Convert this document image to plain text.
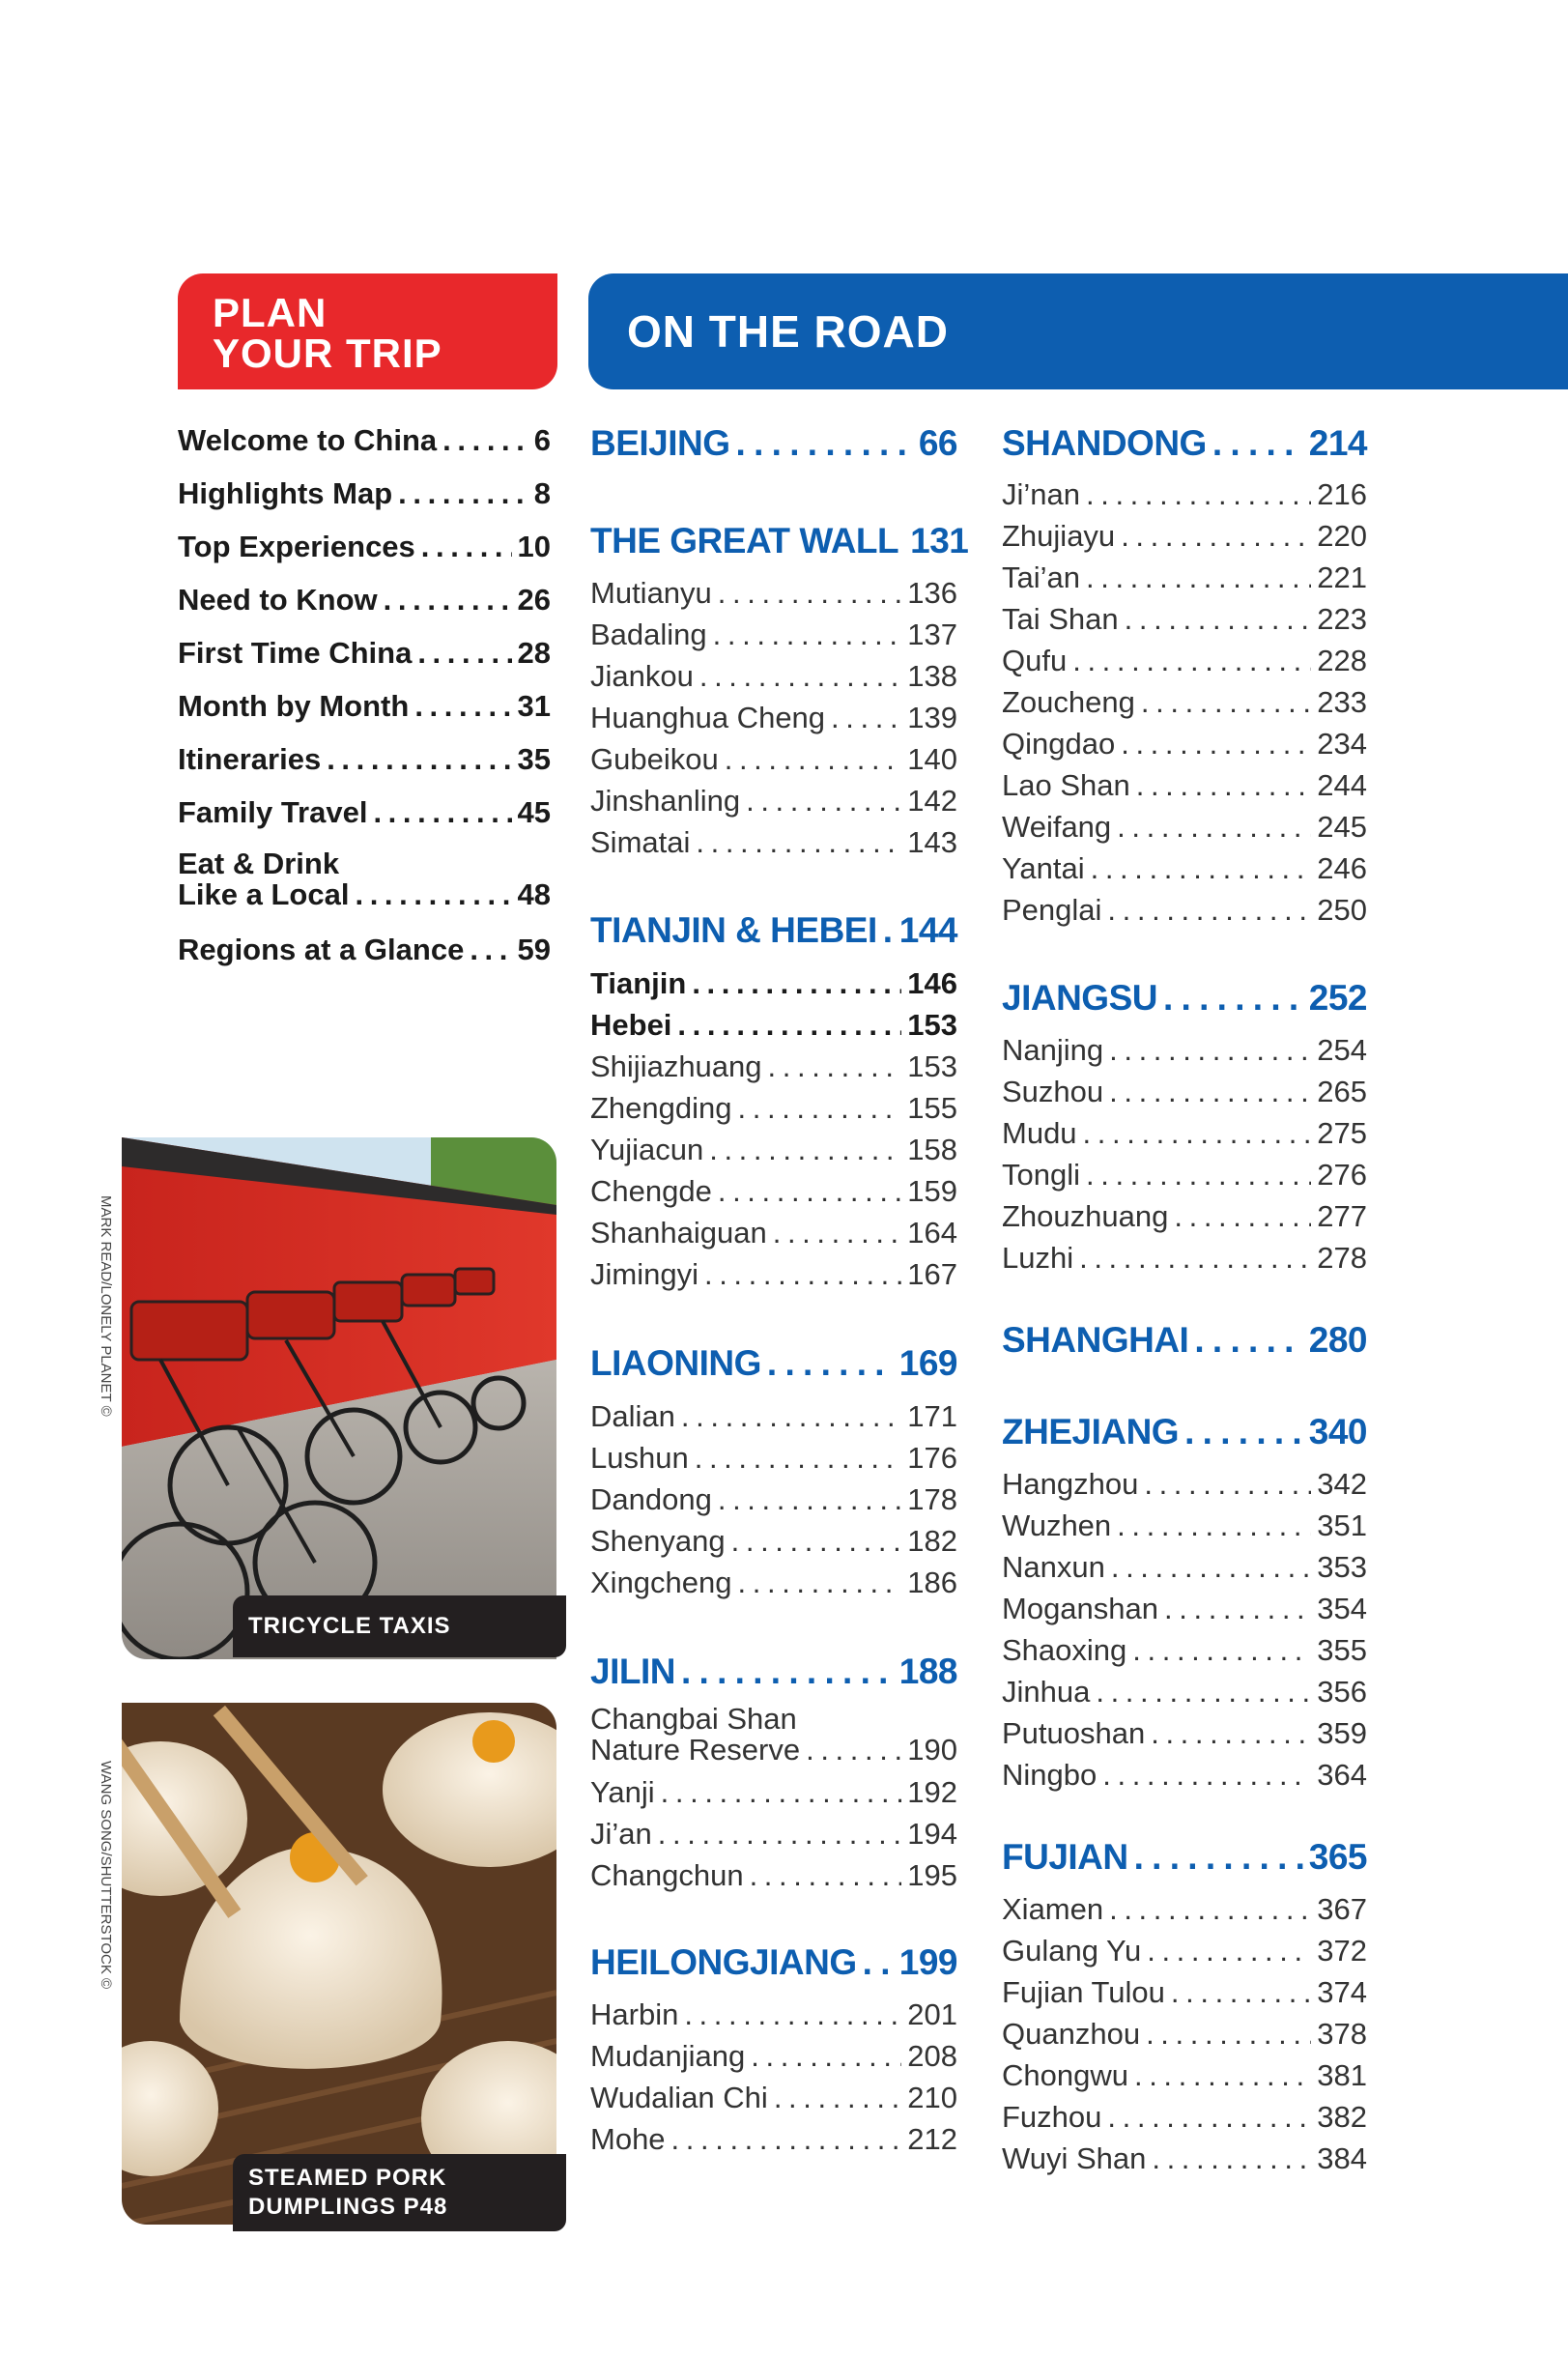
PLAN
YOUR TRIP	ON THE ROAD
Welcome to China . . .	6
Highlights Map . . .	8
Top Experiences . . .	10
Need to Know . . .	26
First Time China . . .	28
Month by Month . . .	31
Itineraries . . .	35
Family Travel . . .	45
Eat & Drink
Like a Local . . .	48
Regions at a Glance . . . 59
BEIJING . . .	66
THE GREAT WALL 131
Mutianyu . . .	136
Badaling . . .	137
Jiankou . . .	138
Huanghua Cheng . . .	139
Gubeikou . . .	140
Jinshanling . . .	142
Simatai . . .	143
TIANJIN & HEBEI . . . 144
Tianjin . . .	146
Hebei . . .	153
Shijiazhuang . . .	153
Zhengding . . .	155
Yujiacun . . .	158
Chengde . . .	159
Shanhaiguan . . .	164
Jimingyi . . .	167
LIAONING . . .	169
Dalian . . .	171
Lushun . . .	176
Dandong . . .	178
Shenyang . . .	182
Xingcheng . . .	186
JILIN . . .	188
Changbai Shan
Nature Reserve . . .	190
Yanji . . .	192
Ji’an . . .	194
Changchun . . .	195
HEILONGJIANG . . . 199
Harbin . . .	201
Mudanjiang . . .	208
Wudalian Chi . . .	210
Mohe . . .	212
SHANDONG . . .	214
Ji’nan . . .	216
Zhujiayu . . .	220
Tai’an . . .	221
Tai Shan . . .	223
Qufu . . .	228
Zoucheng . . .	233
Qingdao . . .	234
Lao Shan . . .	244
Weifang . . .	245
Yantai . . .	246
Penglai . . .	250
JIANGSU . . .	252
Nanjing . . .	254
Suzhou . . .	265
Mudu . . .	275
Tongli . . .	276
Zhouzhuang . . .	277
Luzhi . . .	278
SHANGHAI . . .	280
ZHEJIANG . . .	340
Hangzhou . . .	342
Wuzhen . . .	351
Nanxun . . .	353
Moganshan . . .	354
Shaoxing . . .	355
Jinhua . . .	356
Putuoshan . . .	359
Ningbo . . .	364
FUJIAN . . .	365
Xiamen . . .	367
Gulang Yu . . .	372
Fujian Tulou . . .	374
Quanzhou . . .	378
Chongwu . . .	381
Fuzhou . . .	382
Wuyi Shan . . .	384
TRICYCLE TAXIS
MARK READ/LONELY PLANET ©
STEAMED PORK
DUMPLINGS P48
WANG SONG/SHUTTERSTOCK ©
